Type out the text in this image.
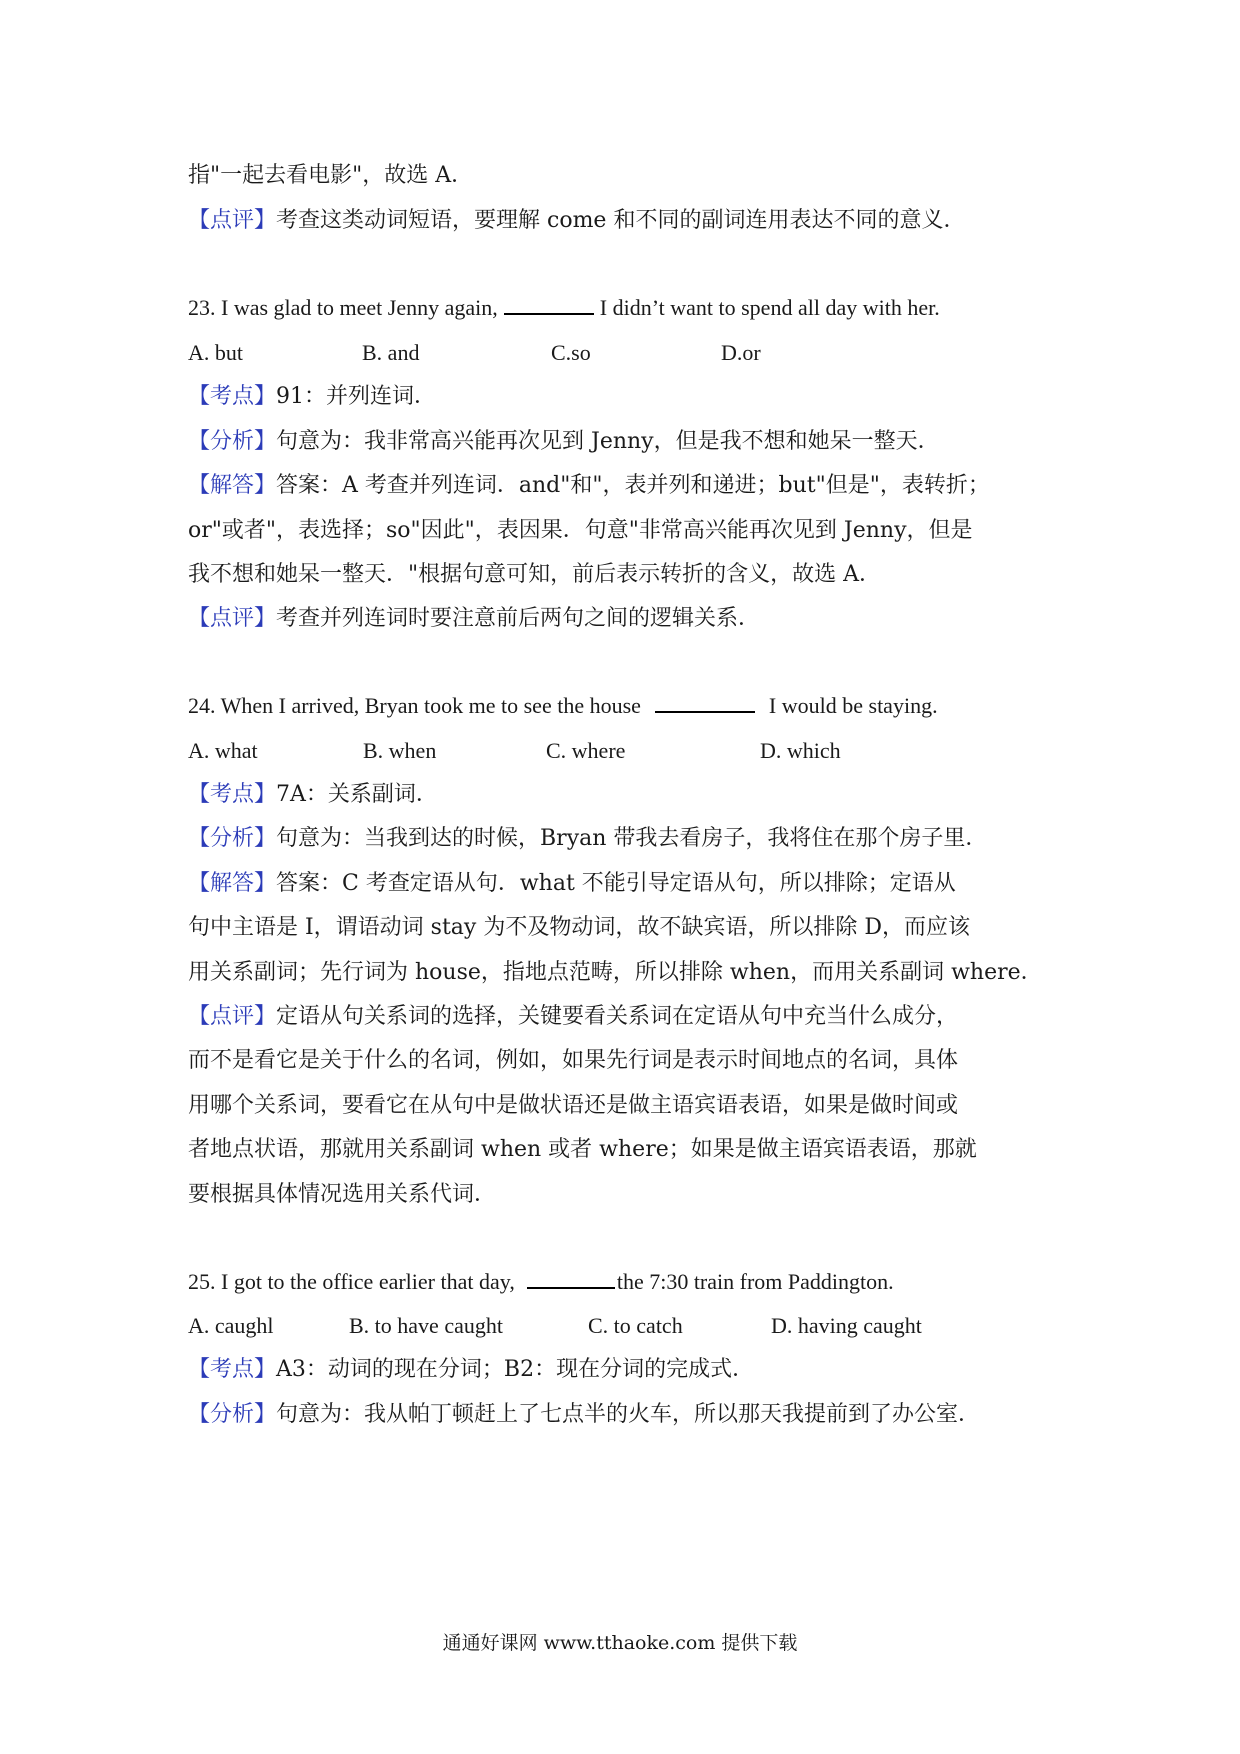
指"一起去看电影"，故选 A．
【点评】考查这类动词短语，要理解 come 和不同的副词连用表达不同的意义．
23. I was glad to meet Jenny again,	I didn’t want to spend all day with her.
A. but	B. and	C.so	D.or
【考点】91：并列连词．
【分析】句意为：我非常高兴能再次见到 Jenny，但是我不想和她呆一整天．
【解答】答案：A 考查并列连词．and"和"，表并列和递进；but"但是"，表转折；
or"或者"，表选择；so"因此"，表因果．句意"非常高兴能再次见到 Jenny，但是
我不想和她呆一整天．"根据句意可知，前后表示转折的含义，故选 A．
【点评】考查并列连词时要注意前后两句之间的逻辑关系．
24. When I arrived, Bryan took me to see the house	I would be staying.
A. what	B. when	C. where	D. which
【考点】7A：关系副词．
【分析】句意为：当我到达的时候，Bryan 带我去看房子，我将住在那个房子里．
【解答】答案：C 考查定语从句．what 不能引导定语从句，所以排除；定语从
句中主语是 I，谓语动词 stay 为不及物动词，故不缺宾语，所以排除 D，而应该
用关系副词；先行词为 house，指地点范畴，所以排除 when，而用关系副词 where．
【点评】定语从句关系词的选择，关键要看关系词在定语从句中充当什么成分，
而不是看它是关于什么的名词，例如，如果先行词是表示时间地点的名词，具体
用哪个关系词，要看它在从句中是做状语还是做主语宾语表语，如果是做时间或
者地点状语，那就用关系副词 when 或者 where；如果是做主语宾语表语，那就
要根据具体情况选用关系代词．
25. I got to the office earlier that day,	the 7:30 train from Paddington.
A. caughl	B. to have caught	C. to catch	D. having caught
【考点】A3：动词的现在分词；B2：现在分词的完成式．
【分析】句意为：我从帕丁顿赶上了七点半的火车，所以那天我提前到了办公室．
通通好课网 www.tthaoke.com 提供下载
